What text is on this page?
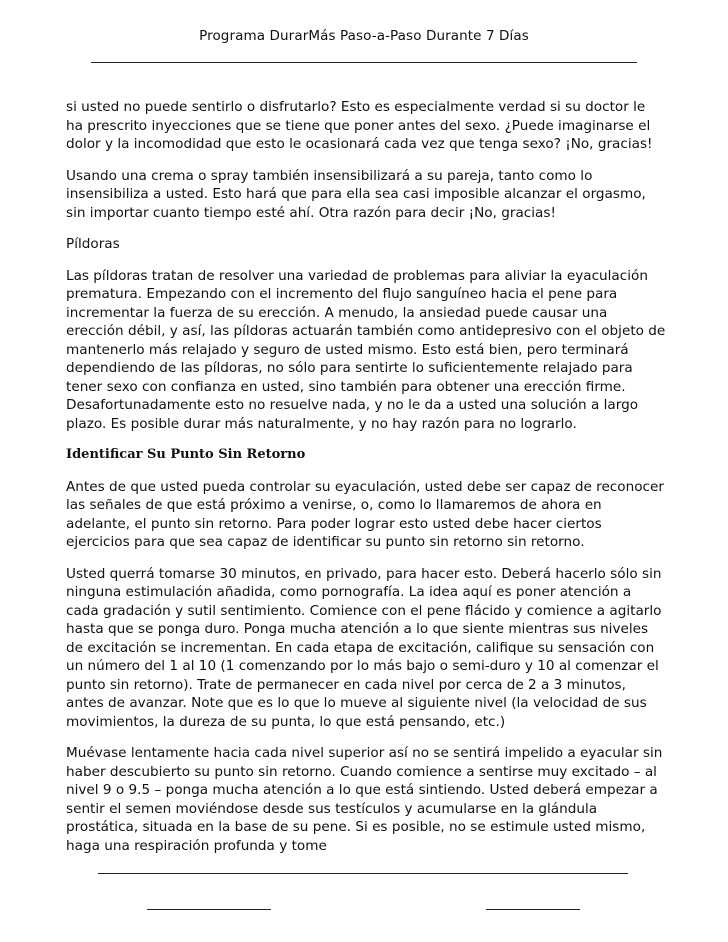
Programa DurarMás Paso-a-Paso Durante 7 Días

si usted no puede sentirlo o disfrutarlo? Esto es especialmente verdad si su doctor le ha prescrito inyecciones que se tiene que poner antes del sexo. ¿Puede imaginarse el dolor y la incomodidad que esto le ocasionará cada vez que tenga sexo? ¡No, gracias!

Usando una crema o spray también insensibilizará a su pareja, tanto como lo insensibiliza a usted. Esto hará que para ella sea casi imposible alcanzar el orgasmo, sin importar cuanto tiempo esté ahí. Otra razón para decir ¡No, gracias!

Píldoras

Las píldoras tratan de resolver una variedad de problemas para aliviar la eyaculación prematura. Empezando con el incremento del flujo sanguíneo hacia el pene para incrementar la fuerza de su erección. A menudo, la ansiedad puede causar una erección débil, y así, las píldoras actuarán también como antidepresivo con el objeto de mantenerlo más relajado y seguro de usted mismo. Esto está bien, pero terminará dependiendo de las píldoras, no sólo para sentirte lo suficientemente relajado para tener sexo con confianza en usted, sino también para obtener una erección firme. Desafortunadamente esto no resuelve nada, y no le da a usted una solución a largo plazo. Es posible durar más naturalmente, y no hay razón para no lograrlo.

Identificar Su Punto Sin Retorno

Antes de que usted pueda controlar su eyaculación, usted debe ser capaz de reconocer las señales de que está próximo a venirse, o, como lo llamaremos de ahora en adelante, el punto sin retorno. Para poder lograr esto usted debe hacer ciertos ejercicios para que sea capaz de identificar su punto sin retorno sin retorno.

Usted querrá tomarse 30 minutos, en privado, para hacer esto. Deberá hacerlo sólo sin ninguna estimulación añadida, como pornografía. La idea aquí es poner atención a cada gradación y sutil sentimiento. Comience con el pene flácido y comience a agitarlo hasta que se ponga duro. Ponga mucha atención a lo que siente mientras sus niveles de excitación se incrementan. En cada etapa de excitación, califique su sensación con un número del 1 al 10 (1 comenzando por lo más bajo o semi-duro y 10 al comenzar el punto sin retorno). Trate de permanecer en cada nivel por cerca de 2 a 3 minutos, antes de avanzar. Note que es lo que lo mueve al siguiente nivel (la velocidad de sus movimientos, la dureza de su punta, lo que está pensando, etc.)

Muévase lentamente hacia cada nivel superior así no se sentirá impelido a eyacular sin haber descubierto su punto sin retorno. Cuando comience a sentirse muy excitado – al nivel 9 o 9.5 – ponga mucha atención a lo que está sintiendo. Usted deberá empezar a sentir el semen moviéndose desde sus testículos y acumularse en la glándula prostática, situada en la base de su pene. Si es posible, no se estimule usted mismo, haga una respiración profunda y tome
